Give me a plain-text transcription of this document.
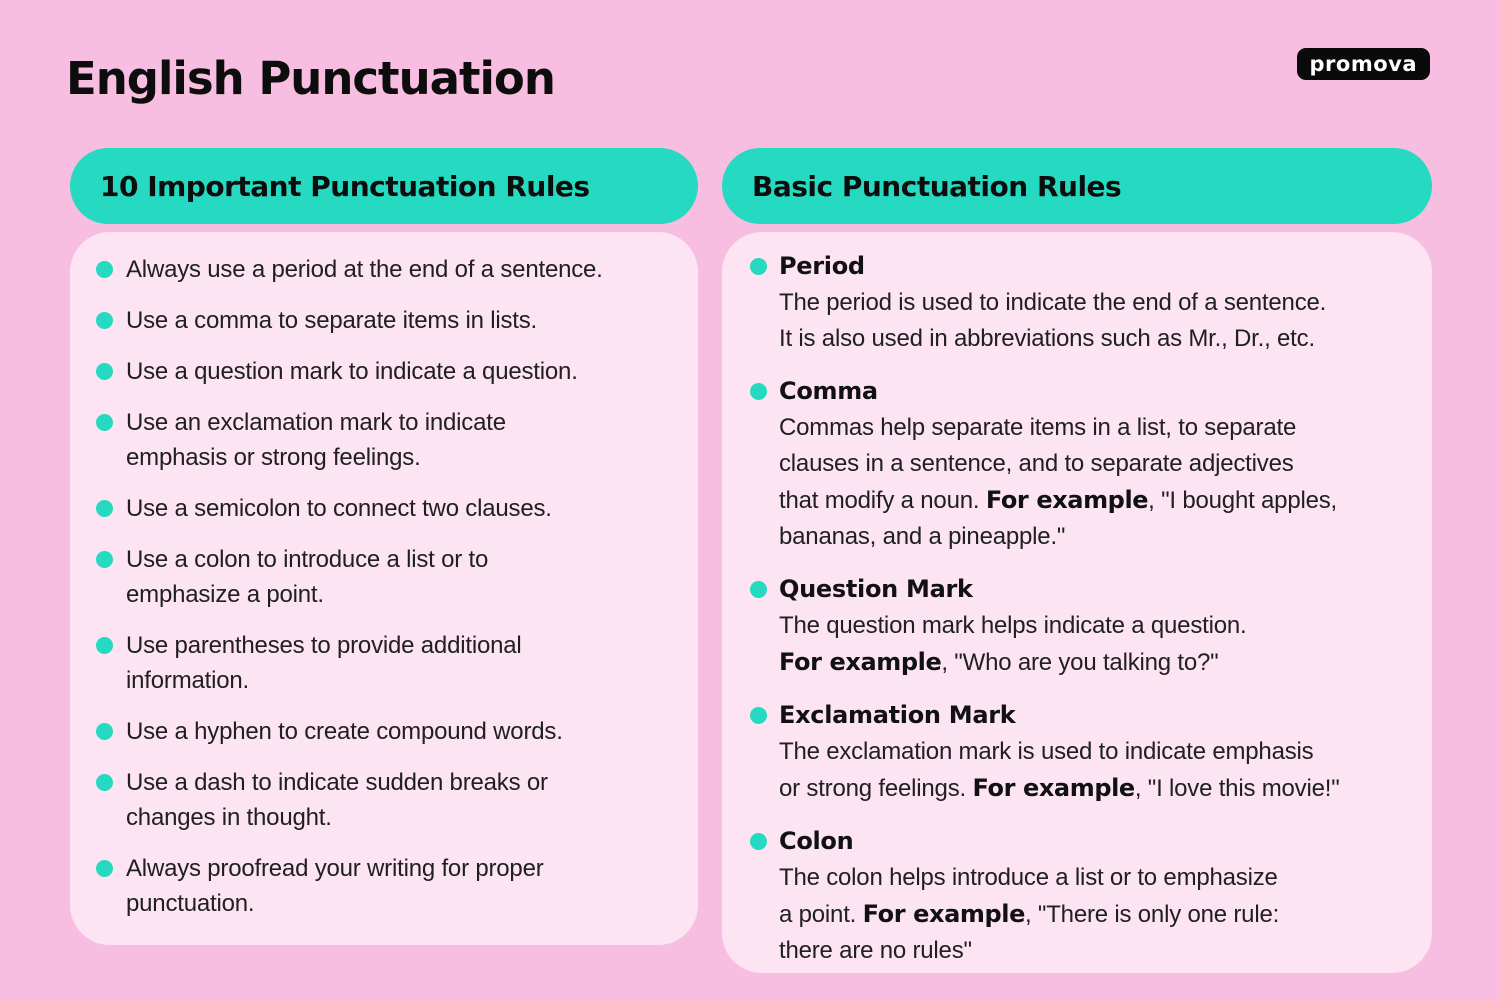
English Punctuation	promova
10 Important Punctuation Rules
Always use a period at the end of a sentence.
Use a comma to separate items in lists.
Use a question mark to indicate a question.
Use an exclamation mark to indicate
emphasis or strong feelings.
Use a semicolon to connect two clauses.
Use a colon to introduce a list or to
emphasize a point.
Use parentheses to provide additional
information.
Use a hyphen to create compound words.
Use a dash to indicate sudden breaks or
changes in thought.
Always proofread your writing for proper
punctuation.
Basic Punctuation Rules
Period
The period is used to indicate the end of a sentence.
It is also used in abbreviations such as Mr., Dr., etc.
Comma
Commas help separate items in a list, to separate
clauses in a sentence, and to separate adjectives
that modify a noun. For example, "I bought apples,
bananas, and a pineapple."
Question Mark
The question mark helps indicate a question.
For example, "Who are you talking to?"
Exclamation Mark
The exclamation mark is used to indicate emphasis
or strong feelings. For example, "I love this movie!"
Colon
The colon helps introduce a list or to emphasize
a point. For example, "There is only one rule:
there are no rules"
